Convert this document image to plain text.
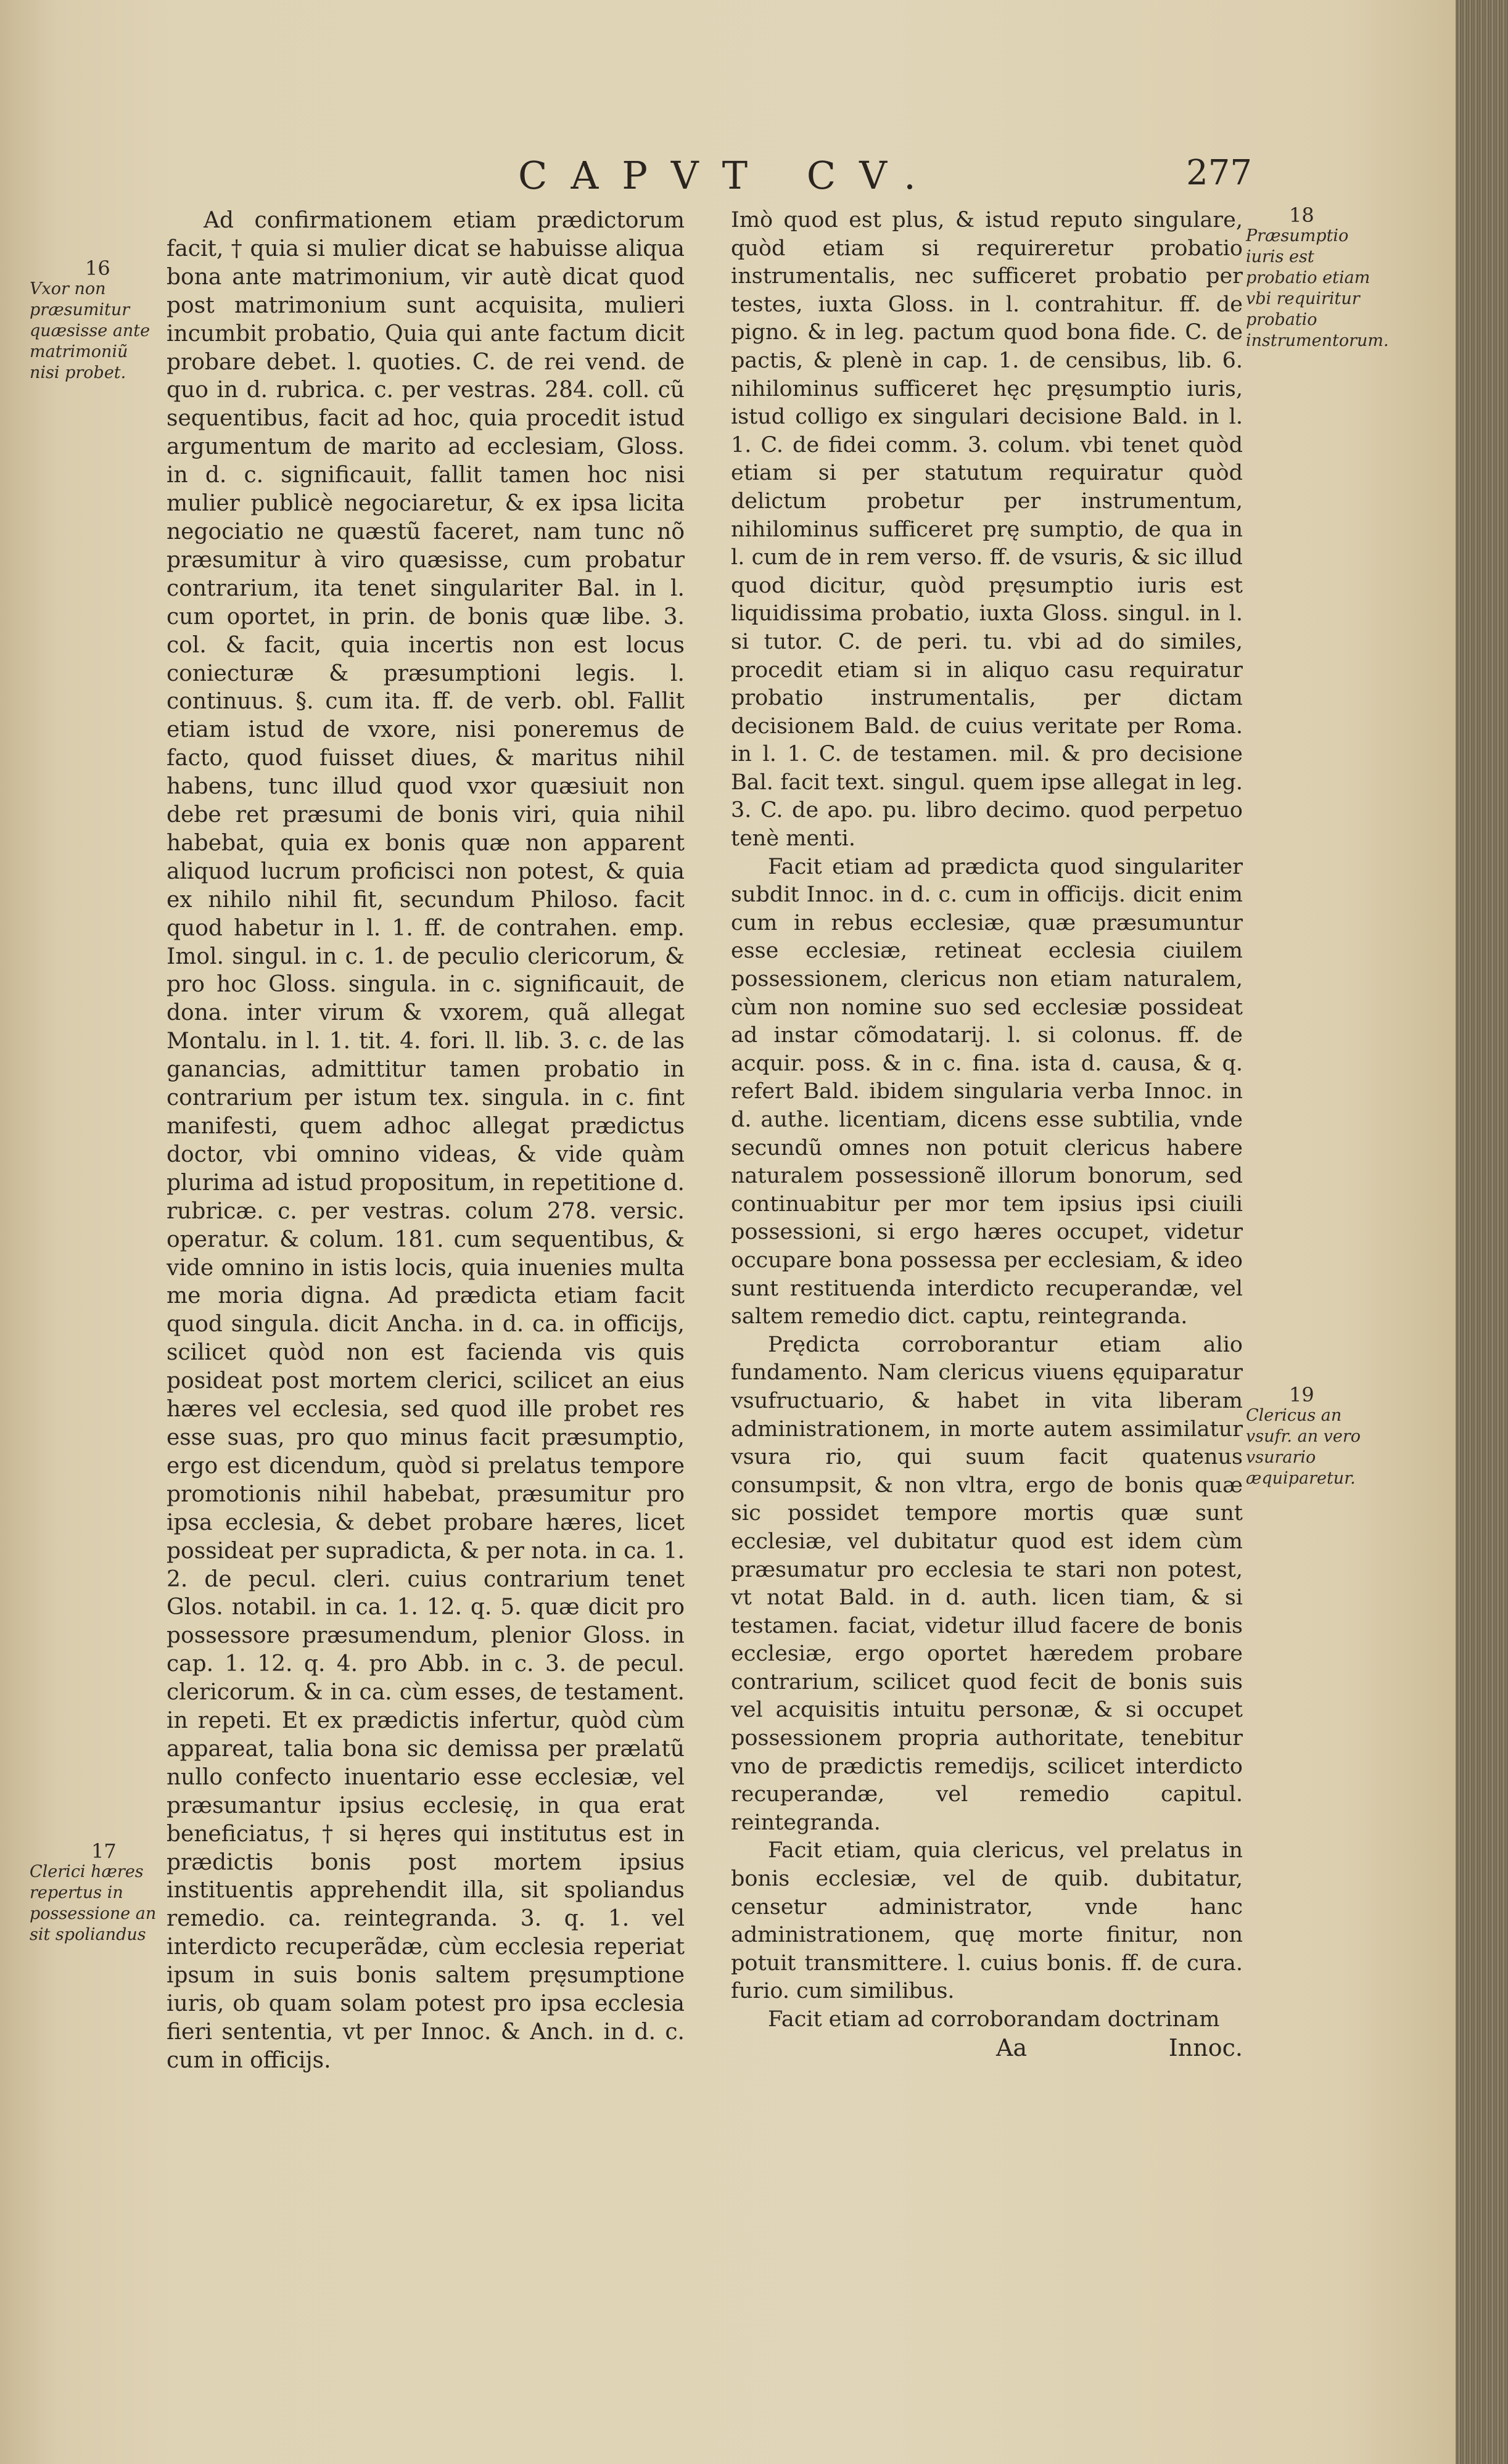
CAPVT CV.	277
16
Vxor non præsumitur quæsisse ante matrimoniũ nisi probet.
17
Clerici hæres repertus in possessione an sit spoliandus
18
Præsumptio iuris est probatio etiam vbi requiritur probatio instrumentorum.
19
Clericus an vsufr. an vero vsurario æquiparetur.

Ad confirmationem etiam prædictorum facit, † quia si mulier dicat se habuisse aliqua bona ante matrimonium, vir autè dicat quod post matrimonium sunt acquisita, mulieri incumbit probatio, Quia qui ante factum dicit probare debet. l. quoties. C. de rei vend. de quo in d. rubrica. c. per vestras. 284. coll. cũ sequentibus, facit ad hoc, quia procedit istud argumentum de marito ad ecclesiam, Gloss. in d. c. significauit, fallit tamen hoc nisi mulier publicè negociaretur, & ex ipsa licita negociatio ne quæstũ faceret, nam tunc nõ præsumitur à viro quæsisse, cum probatur contrarium, ita tenet singulariter Bal. in l. cum oportet, in prin. de bonis quæ libe. 3. col. & facit, quia incertis non est locus coniecturæ & præsumptioni legis. l. continuus. §. cum ita. ff. de verb. obl. Fallit etiam istud de vxore, nisi poneremus de facto, quod fuisset diues, & maritus nihil habens, tunc illud quod vxor quæsiuit non debe ret præsumi de bonis viri, quia nihil habebat, quia ex bonis quæ non apparent aliquod lucrum proficisci non potest, & quia ex nihilo nihil fit, secundum Philoso. facit quod habetur in l. 1. ff. de contrahen. emp. Imol. singul. in c. 1. de peculio clericorum, & pro hoc Gloss. singula. in c. significauit, de dona. inter virum & vxorem, quã allegat Montalu. in l. 1. tit. 4. fori. ll. lib. 3. c. de las ganancias, admittitur tamen probatio in contrarium per istum tex. singula. in c. fint manifesti, quem adhoc allegat prædictus doctor, vbi omnino videas, & vide quàm plurima ad istud propositum, in repetitione d. rubricæ. c. per vestras. colum 278. versic. operatur. & colum. 181. cum sequentibus, & vide omnino in istis locis, quia inuenies multa me moria digna. Ad prædicta etiam facit quod singula. dicit Ancha. in d. ca. in officijs, scilicet quòd non est facienda vis quis posideat post mortem clerici, scilicet an eius hæres vel ecclesia, sed quod ille probet res esse suas, pro quo minus facit præsumptio, ergo est dicendum, quòd si prelatus tempore promotionis nihil habebat, præsumitur pro ipsa ecclesia, & debet probare hæres, licet possideat per supradicta, & per nota. in ca. 1. 2. de pecul. cleri. cuius contrarium tenet Glos. notabil. in ca. 1. 12. q. 5. quæ dicit pro possessore præsumendum, plenior Gloss. in cap. 1. 12. q. 4. pro Abb. in c. 3. de pecul. clericorum. & in ca. cùm esses, de testament. in repeti. Et ex prædictis infertur, quòd cùm appareat, talia bona sic demissa per prælatũ nullo confecto inuentario esse ecclesiæ, vel præsumantur ipsius ecclesię, in qua erat beneficiatus, † si hęres qui institutus est in prædictis bonis post mortem ipsius instituentis apprehendit illa, sit spoliandus remedio. ca. reintegranda. 3. q. 1. vel interdicto recuperãdæ, cùm ecclesia reperiat ipsum in suis bonis saltem pręsumptione iuris, ob quam solam potest pro ipsa ecclesia fieri sententia, vt per Innoc. & Anch. in d. c. cum in officijs.

Imò quod est plus, & istud reputo singulare, quòd etiam si requireretur probatio instrumentalis, nec sufficeret probatio per testes, iuxta Gloss. in l. contrahitur. ff. de pigno. & in leg. pactum quod bona fide. C. de pactis, & plenè in cap. 1. de censibus, lib. 6. nihilominus sufficeret hęc pręsumptio iuris, istud colligo ex singulari decisione Bald. in l. 1. C. de fidei comm. 3. colum. vbi tenet quòd etiam si per statutum requiratur quòd delictum probetur per instrumentum, nihilominus sufficeret prę sumptio, de qua in l. cum de in rem verso. ff. de vsuris, & sic illud quod dicitur, quòd pręsumptio iuris est liquidissima probatio, iuxta Gloss. singul. in l. si tutor. C. de peri. tu. vbi ad do similes, procedit etiam si in aliquo casu requiratur probatio instrumentalis, per dictam decisionem Bald. de cuius veritate per Roma. in l. 1. C. de testamen. mil. & pro decisione Bal. facit text. singul. quem ipse allegat in leg. 3. C. de apo. pu. libro decimo. quod perpetuo tenè menti.

Facit etiam ad prædicta quod singulariter subdit Innoc. in d. c. cum in officijs. dicit enim cum in rebus ecclesiæ, quæ præsumuntur esse ecclesiæ, retineat ecclesia ciuilem possessionem, clericus non etiam naturalem, cùm non nomine suo sed ecclesiæ possideat ad instar cõmodatarij. l. si colonus. ff. de acquir. poss. & in c. fina. ista d. causa, & q. refert Bald. ibidem singularia verba Innoc. in d. authe. licentiam, dicens esse subtilia, vnde secundũ omnes non potuit clericus habere naturalem possessionẽ illorum bonorum, sed continuabitur per mor tem ipsius ipsi ciuili possessioni, si ergo hæres occupet, videtur occupare bona possessa per ecclesiam, & ideo sunt restituenda interdicto recuperandæ, vel saltem remedio dict. captu, reintegranda.

Prędicta corroborantur etiam alio fundamento. Nam clericus viuens ęquiparatur vsufructuario, & habet in vita liberam administrationem, in morte autem assimilatur vsura rio, qui suum facit quatenus consumpsit, & non vltra, ergo de bonis quæ sic possidet tempore mortis quæ sunt ecclesiæ, vel dubitatur quod est idem cùm præsumatur pro ecclesia te stari non potest, vt notat Bald. in d. auth. licen tiam, & si testamen. faciat, videtur illud facere de bonis ecclesiæ, ergo oportet hæredem probare contrarium, scilicet quod fecit de bonis suis vel acquisitis intuitu personæ, & si occupet possessionem propria authoritate, tenebitur vno de prædictis remedijs, scilicet interdicto recuperandæ, vel remedio capitul. reintegranda.

Facit etiam, quia clericus, vel prelatus in bonis ecclesiæ, vel de quib. dubitatur, censetur administrator, vnde hanc administrationem, quę morte finitur, non potuit transmittere. l. cuius bonis. ff. de cura. furio. cum similibus.

Facit etiam ad corroborandam doctrinam

Aa	Innoc.
